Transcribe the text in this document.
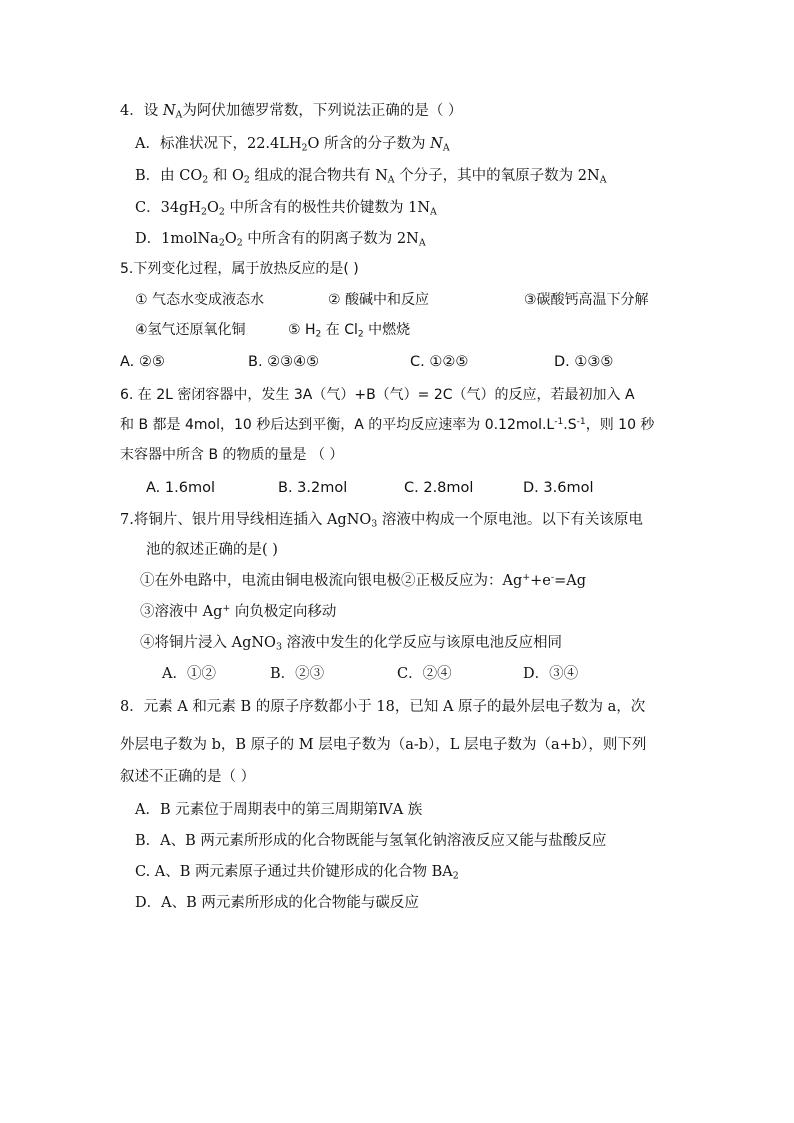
4．设 $N_A$为阿伏加德罗常数，下列说法正确的是（ ）
A．标准状况下，$22.4LH_2O$ 所含的分子数为 $N_A$
B．由 $CO_2$ 和 $O_2$ 组成的混合物共有 $N_A$ 个分子，其中的氧原子数为 $2N_A$
C．$34gH_2O_2$ 中所含有的极性共价键数为 $1N_A$
D．$1molNa_2O_2$ 中所含有的阴离子数为 $2N_A$
5.下列变化过程，属于放热反应的是( )
① 气态水变成液态水	② 酸碱中和反应	③碳酸钙高温下分解
④氢气还原氧化铜	⑤ $H_2$ 在 $Cl_2$ 中燃烧
A. ②⑤	B. ②③④⑤	C. ①②⑤	D. ①③⑤
6. 在 2L 密闭容器中，发生 3A（气）+B（气）= 2C（气）的反应，若最初加入 A
和 B 都是 4mol，10 秒后达到平衡，A 的平均反应速率为 $0.12mol.L^{-1}.S^{-1}$，则 10 秒
末容器中所含 B 的物质的量是 （ ）
A. 1.6mol	B. 3.2mol	C. 2.8mol	D. 3.6mol
7.将铜片、银片用导线相连插入 AgNO$_3$ 溶液中构成一个原电池。以下有关该原电
池的叙述正确的是( )
①在外电路中，电流由铜电极流向银电极②正极反应为：Ag++e-=Ag
③溶液中 Ag+ 向负极定向移动
④将铜片浸入 AgNO$_3$ 溶液中发生的化学反应与该原电池反应相同
A．①②	B．②③	C．②④	D．③④
8．元素 A 和元素 B 的原子序数都小于 18，已知 A 原子的最外层电子数为 a，次
外层电子数为 b，B 原子的 M 层电子数为（a-b），L 层电子数为（a+b），则下列
叙述不正确的是（ ）
A．B 元素位于周期表中的第三周期第ⅣA 族
B．A、B 两元素所形成的化合物既能与氢氧化钠溶液反应又能与盐酸反应
C. A、B 两元素原子通过共价键形成的化合物 $BA_2$
D．A、B 两元素所形成的化合物能与碳反应
